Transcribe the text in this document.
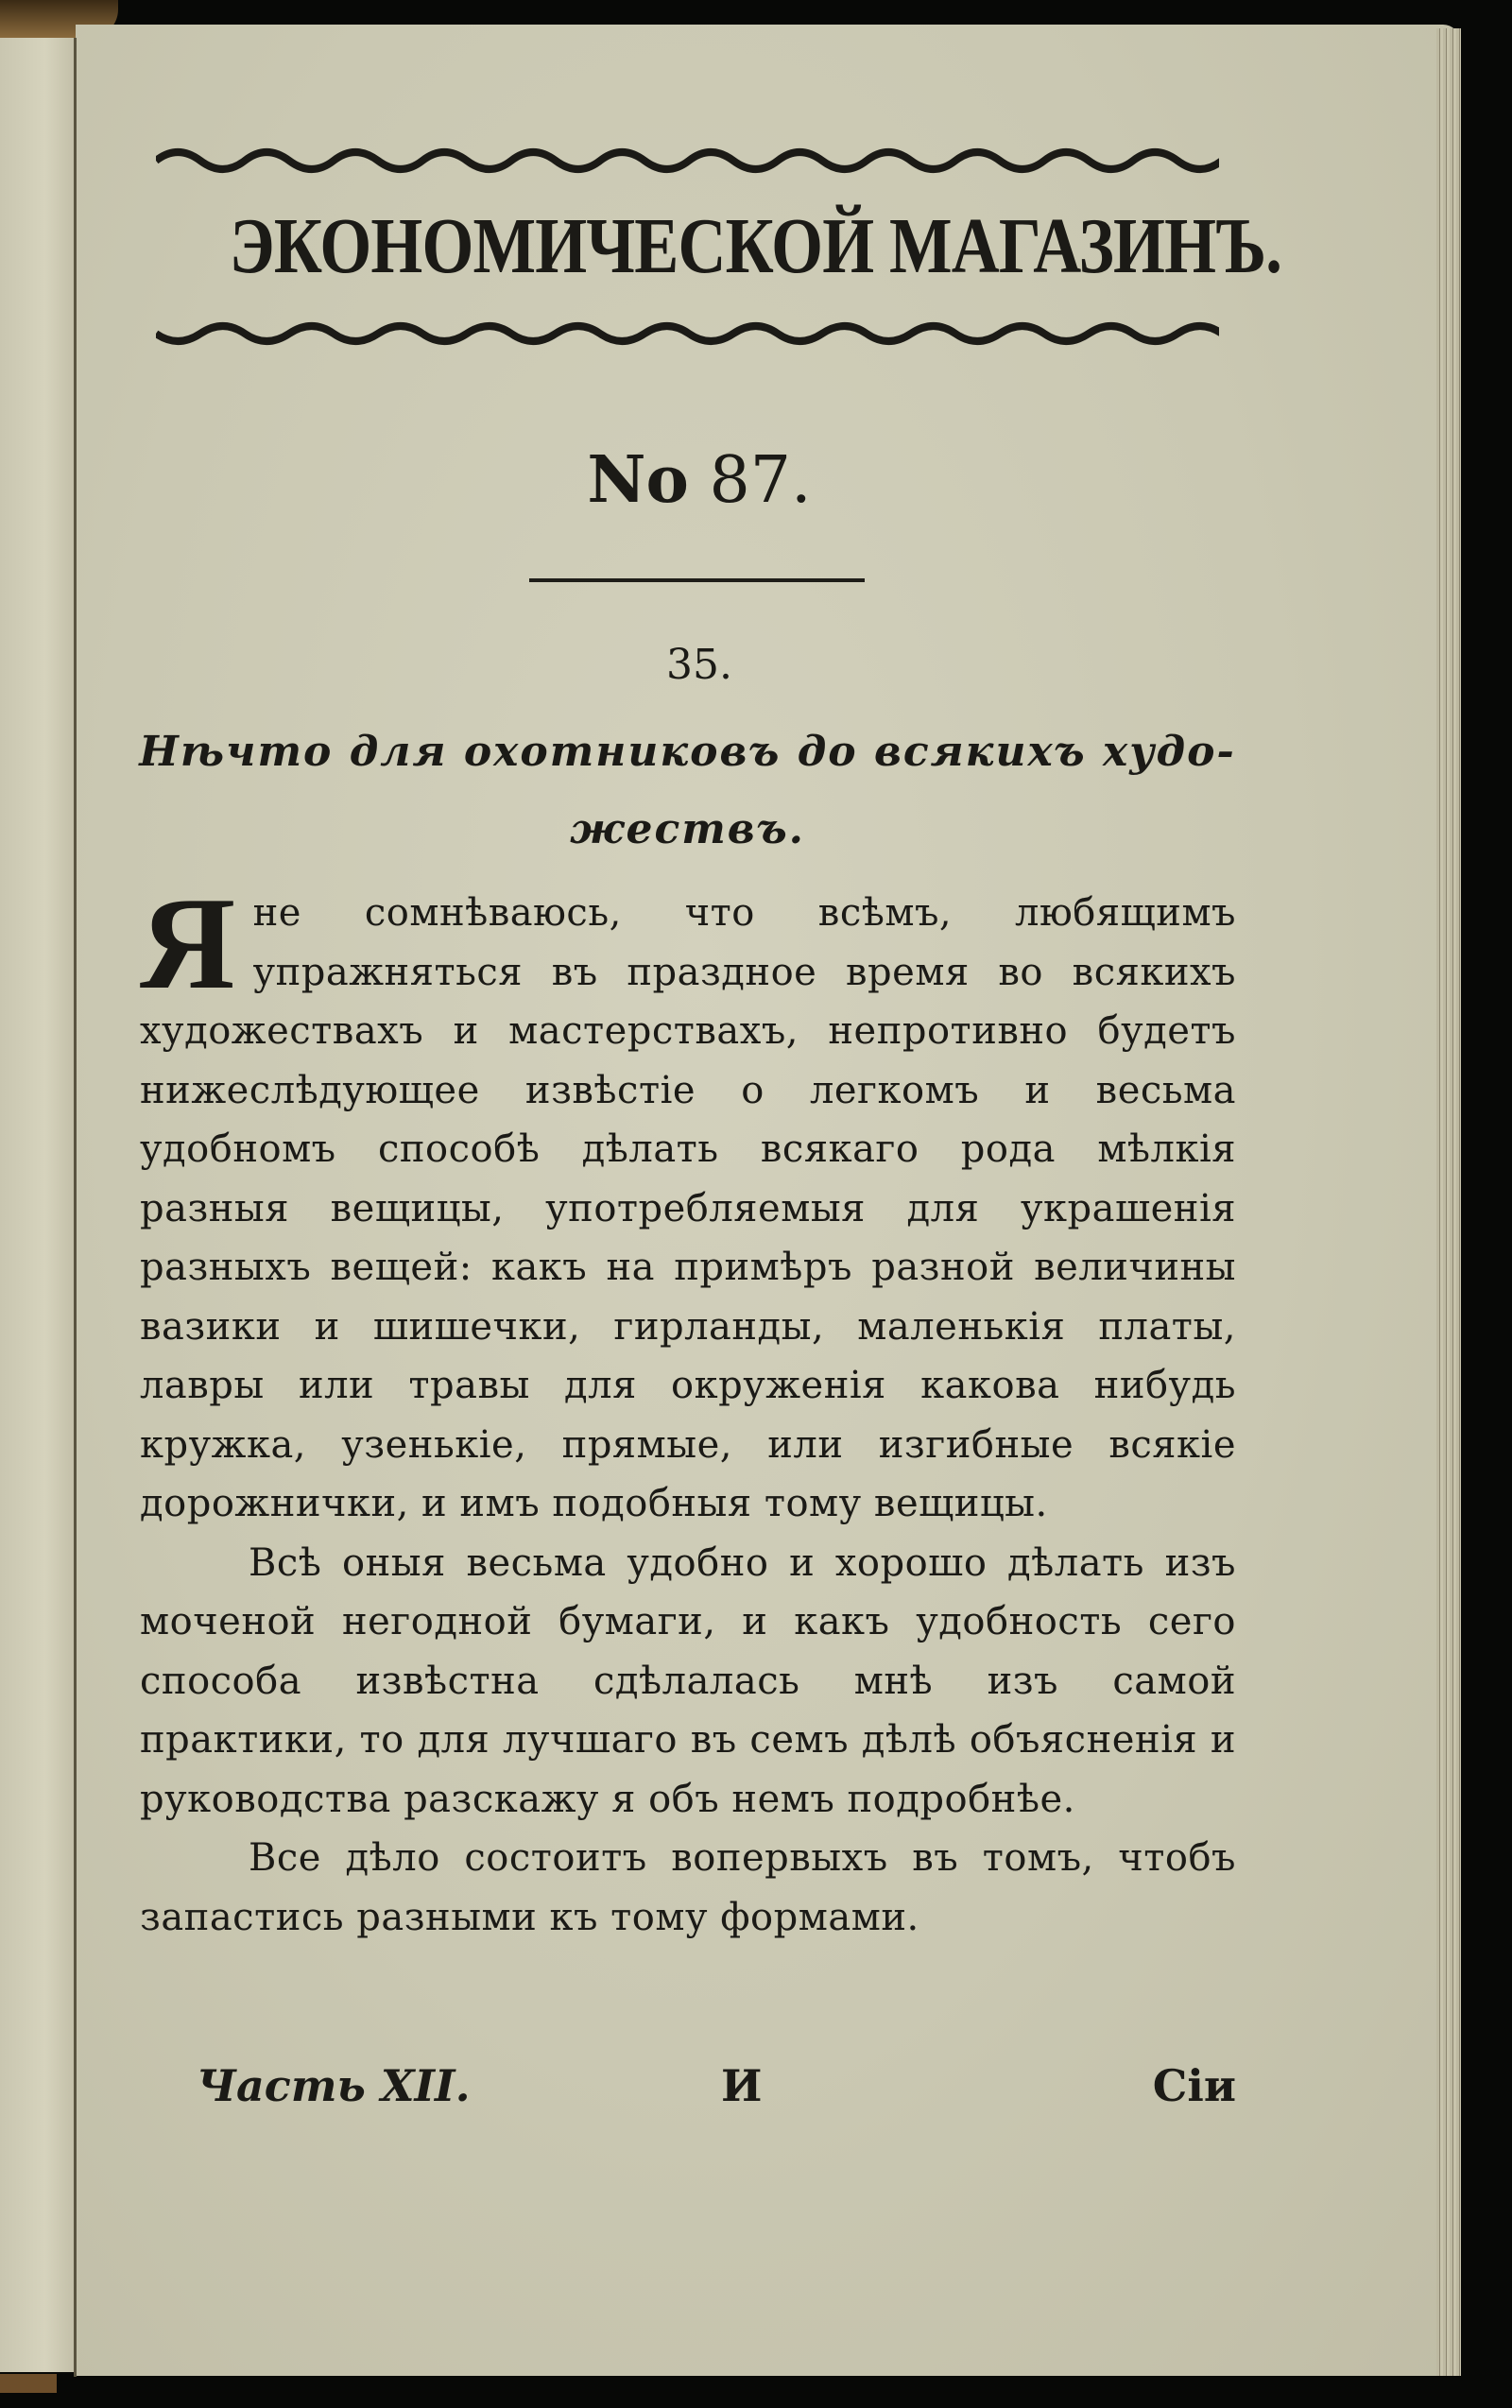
ЭКОНОМИЧЕСКОЙ МАГАЗИНЪ.
No 87.
35.
Нѣчто для охотниковъ до всякихъ худо-
жествъ.

Я не сомнѣваюсь, что всѣмъ, любящимъ упражняться въ праздное время во всякихъ художествахъ и мастерствахъ, непротивно будетъ нижеслѣдующее извѣстіе о легкомъ и весьма удобномъ способѣ дѣлать всякаго рода мѣлкія разныя вещицы, употребляемыя для украшенія разныхъ вещей: какъ на примѣръ разной величины вазики и шишечки, гирланды, маленькія платы, лавры или травы для окруженія какова нибудь кружка, узенькіе, прямые, или изгибные всякіе дорожнички, и имъ подобныя тому вещицы.

Всѣ оныя весьма удобно и хорошо дѣлать изъ моченой негодной бумаги, и какъ удобность сего способа извѣстна сдѣлалась мнѣ изъ самой практики, то для лучшаго въ семъ дѣлѣ объясненія и руководства разскажу я объ немъ подробнѣе.

Все дѣло состоитъ вопервыхъ въ томъ, чтобъ запастись разными къ тому формами.

Часть XII.	И	Сіи
